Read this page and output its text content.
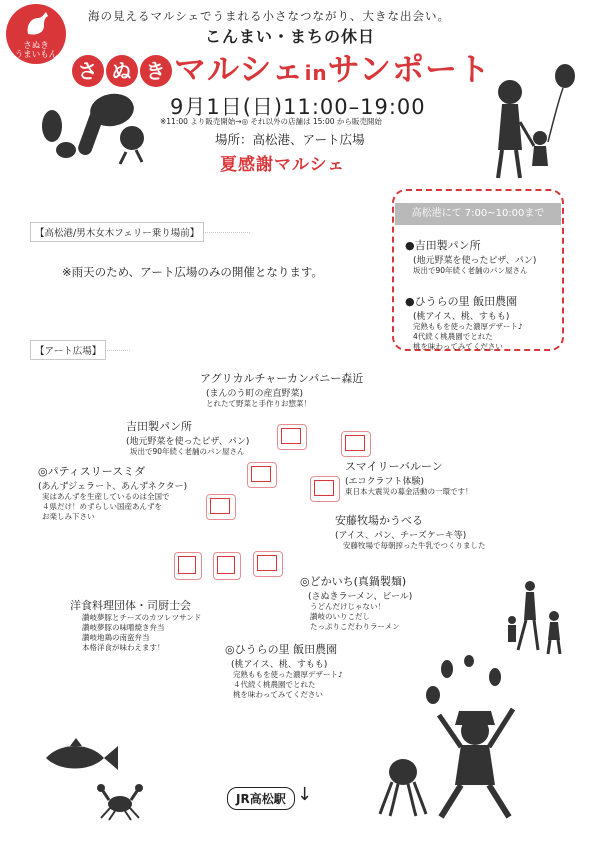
さぬき
うまいもん
海の見えるマルシェでうまれる小さなつながり、大きな出会い。
こんまい・まちの休日
さ ぬ き マルシェinサンポート
9月1日(日)11:00–19:00
※11:00 より販売開始→◎ それ以外の店舗は 15:00 から販売開始
場所：高松港、アート広場
夏感謝マルシェ
高松港にて 7:00~10:00まで
●吉田製パン所
(地元野菜を使ったピザ、パン)
坂出で90年続く老舗のパン屋さん
●ひうらの里 飯田農園
(桃アイス、桃、すもも)
完熟ももを使った濃厚デザート♪
4代続く桃農園でとれた
桃を味わってみてください
【高松港/男木女木フェリー乗り場前】
※雨天のため、アート広場のみの開催となります。
【アート広場】
アグリカルチャーカンパニー森近
(まんのう町の産直野菜)
とれたて野菜と手作りお惣菜！
吉田製パン所
(地元野菜を使ったピザ、パン)
坂出で90年続く老舗のパン屋さん
◎パティスリースミダ
(あんずジェラート、あんずネクター)
実はあんずを生産しているのは全国で
４県だけ！めずらしい国産あんずを
お楽しみ下さい
スマイリーバルーン
(エコクラフト体験)
東日本大震災の募金活動の一環です！
安藤牧場かうべる
(アイス、パン、チーズケーキ等)
安藤牧場で毎朝搾った牛乳でつくりました
◎どかいち(真鍋製麺)
(さぬきラーメン、ビール)
うどんだけじゃない！
讃岐のいりこだし
たっぷりこだわりラーメン
洋食料理団体・司厨士会
讃岐夢豚とチーズのカツレツサンド
讃岐夢豚の味噌焼き弁当
讃岐地鶏の南蛮弁当
本格洋食が味わえます！	◎ひうらの里 飯田農園
(桃アイス、桃、すもも)
完熟ももを使った濃厚デザート♪
４代続く桃農園でとれた
桃を味わってみてください
JR高松駅 ↓
